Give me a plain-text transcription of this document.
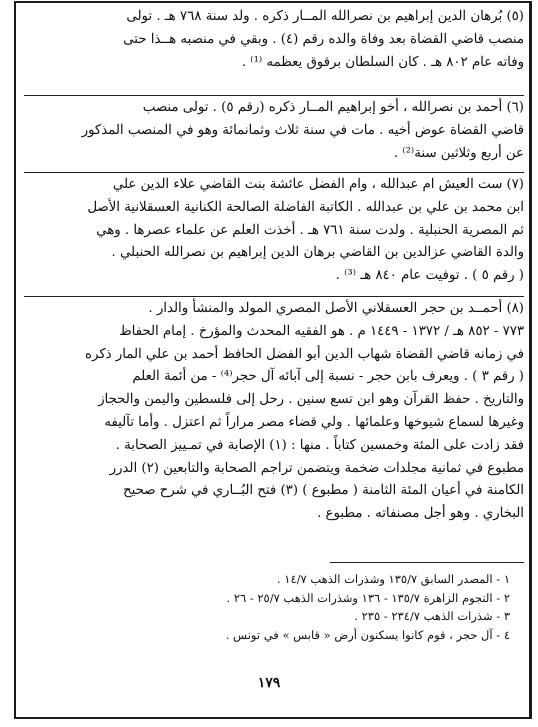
(٥) بُرهان الدين إبراهيم بن نصرالله المــار ذكره . ولد سنة ٧٦٨ هـ . تولى
منصب قاضي القضاة بعد وفاة والده رقم (٤) . وبقي في منصبه هــذا حتى
وفاته عام ٨٠٢ هـ . كان السلطان برقوق يعظمه ⁽¹⁾ .
(٦) أحمد بن نصرالله ، أخو إبراهيم المــار ذكره (رقم ٥) . تولى منصب
قاضي القضاة عوض أخيه . مات في سنة ثلاث وثمانمائة وهو في المنصب المذكور
عن أربع وثلاثين سنة⁽²⁾ .
(٧) ست العيش ام عبدالله ، وام الفضل عائشة بنت القاضي علاء الدين علي
ابن محمد بن علي بن عبدالله . الكاتبة الفاضلة الصالحة الكنانية العسقلانية الأصل
ثم المصرية الحنبلية . ولدت سنة ٧٦١ هـ . أخذت العلم عن علماء عصرها . وهي
والدة القاضي عزالدين بن القاضي برهان الدين إبراهيم بن نصرالله الحنبلي .
( رقم ٥ ) . توفيت عام ٨٤٠ هـ ⁽³⁾ .
(٨) أحمــد بن حجر العسقلاني الأصل المصري المولد والمنشأ والدار .
٧٧٣ - ٨٥٢ هـ / ١٣٧٢ - ١٤٤٩ م . هو الفقيه المحدث والمؤرخ . إمام الحفاظ
في زمانه قاضي القضاة شهاب الدين أبو الفضل الحافظ أحمد بن علي المار ذكره
( رقم ٣ ) . ويعرف بابن حجر - نسبة إلى آبائه آل حجر⁽⁴⁾ - من أئمة العلم
والتاريخ . حفظ القرآن وهو ابن تسع سنين . رحل إلى فلسطين واليمن والحجاز
وغيرها لسماع شيوخها وعلمائها . ولي قضاء مصر مراراً ثم اعتزل . وأما تآليفه
فقد زادت على المئة وخمسين كتاباً . منها : (١) الإصابة في تمـييز الصحابة .
مطبوع في ثمانية مجلدات ضخمة ويتضمن تراجم الصحابة والتابعين (٢) الدرر
الكامنة في أعيان المئة الثامنة ( مطبوع ) (٣) فتح البُــاري في شرح صحيح
البخاري . وهو أجل مصنفاته . مطبوع .

١ - المصدر السابق ١٣٥/٧ وشذرات الذهب ١٤/٧ .

٢ - النجوم الزاهرة ١٣٥/٧ - ١٣٦ وشذرات الذهب ٢٥/٧ - ٢٦ .

٣ - شذرات الذهب ٢٣٤/٧ - ٢٣٥ .

٤ - آل حجر ، قوم كانوا يسكنون أرض « قابس » في تونس .

١٧٩
